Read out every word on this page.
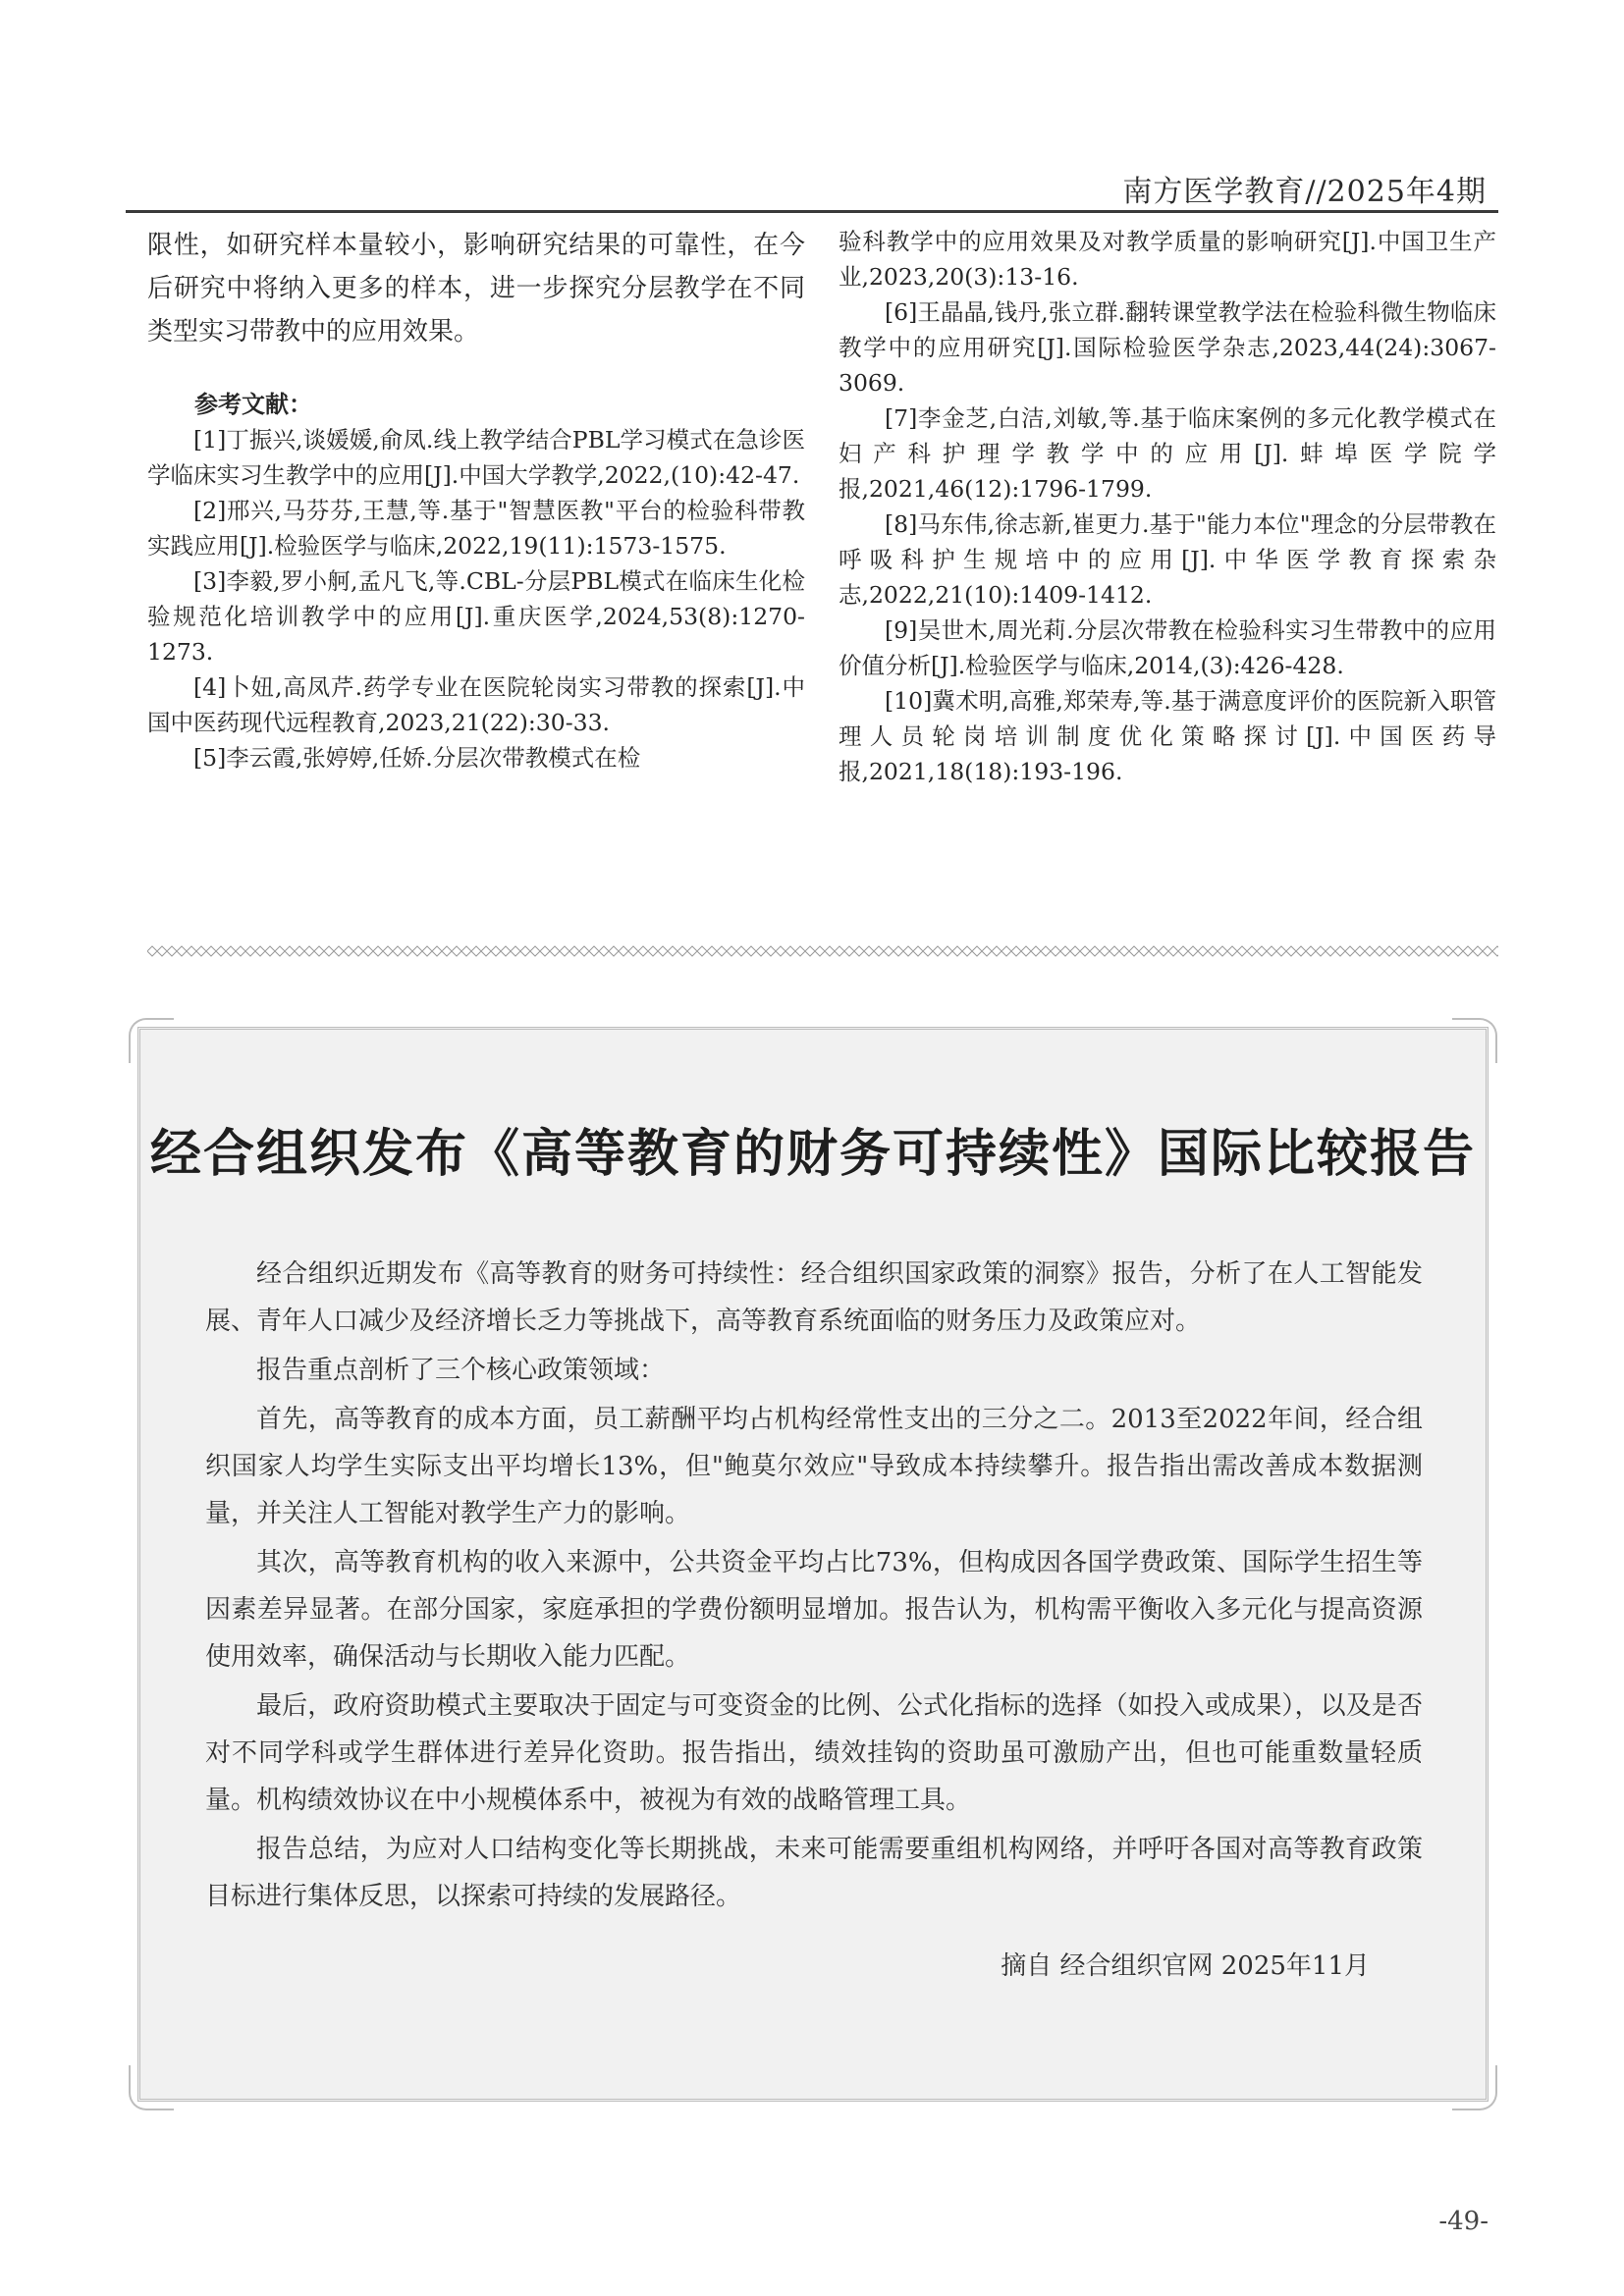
南方医学教育//2025年4期

限性，如研究样本量较小，影响研究结果的可靠性，在今后研究中将纳入更多的样本，进一步探究分层教学在不同类型实习带教中的应用效果。

参考文献：

[1]丁振兴,谈媛媛,俞凤.线上教学结合PBL学习模式在急诊医学临床实习生教学中的应用[J].中国大学教学,2022,(10):42-47.

[2]邢兴,马芬芬,王慧,等.基于"智慧医教"平台的检验科带教实践应用[J].检验医学与临床,2022,19(11):1573-1575.

[3]李毅,罗小舸,孟凡飞,等.CBL-分层PBL模式在临床生化检验规范化培训教学中的应用[J].重庆医学,2024,53(8):1270-1273.

[4]卜妞,高凤芹.药学专业在医院轮岗实习带教的探索[J].中国中医药现代远程教育,2023,21(22):30-33.

[5]李云霞,张婷婷,任娇.分层次带教模式在检

验科教学中的应用效果及对教学质量的影响研究[J].中国卫生产业,2023,20(3):13-16.

[6]王晶晶,钱丹,张立群.翻转课堂教学法在检验科微生物临床教学中的应用研究[J].国际检验医学杂志,2023,44(24):3067-3069.

[7]李金芝,白洁,刘敏,等.基于临床案例的多元化教学模式在妇产科护理学教学中的应用[J].蚌埠医学院学报,2021,46(12):1796-1799.

[8]马东伟,徐志新,崔更力.基于"能力本位"理念的分层带教在呼吸科护生规培中的应用[J].中华医学教育探索杂志,2022,21(10):1409-1412.

[9]吴世木,周光莉.分层次带教在检验科实习生带教中的应用价值分析[J].检验医学与临床,2014,(3):426-428.

[10]冀术明,高雅,郑荣寿,等.基于满意度评价的医院新入职管理人员轮岗培训制度优化策略探讨[J].中国医药导报,2021,18(18):193-196.

经合组织发布《高等教育的财务可持续性》国际比较报告

经合组织近期发布《高等教育的财务可持续性：经合组织国家政策的洞察》报告，分析了在人工智能发展、青年人口减少及经济增长乏力等挑战下，高等教育系统面临的财务压力及政策应对。

报告重点剖析了三个核心政策领域：

首先，高等教育的成本方面，员工薪酬平均占机构经常性支出的三分之二。2013至2022年间，经合组织国家人均学生实际支出平均增长13%，但"鲍莫尔效应"导致成本持续攀升。报告指出需改善成本数据测量，并关注人工智能对教学生产力的影响。

其次，高等教育机构的收入来源中，公共资金平均占比73%，但构成因各国学费政策、国际学生招生等因素差异显著。在部分国家，家庭承担的学费份额明显增加。报告认为，机构需平衡收入多元化与提高资源使用效率，确保活动与长期收入能力匹配。

最后，政府资助模式主要取决于固定与可变资金的比例、公式化指标的选择（如投入或成果），以及是否对不同学科或学生群体进行差异化资助。报告指出，绩效挂钩的资助虽可激励产出，但也可能重数量轻质量。机构绩效协议在中小规模体系中，被视为有效的战略管理工具。

报告总结，为应对人口结构变化等长期挑战，未来可能需要重组机构网络，并呼吁各国对高等教育政策目标进行集体反思，以探索可持续的发展路径。

摘自 经合组织官网 2025年11月
-49-
